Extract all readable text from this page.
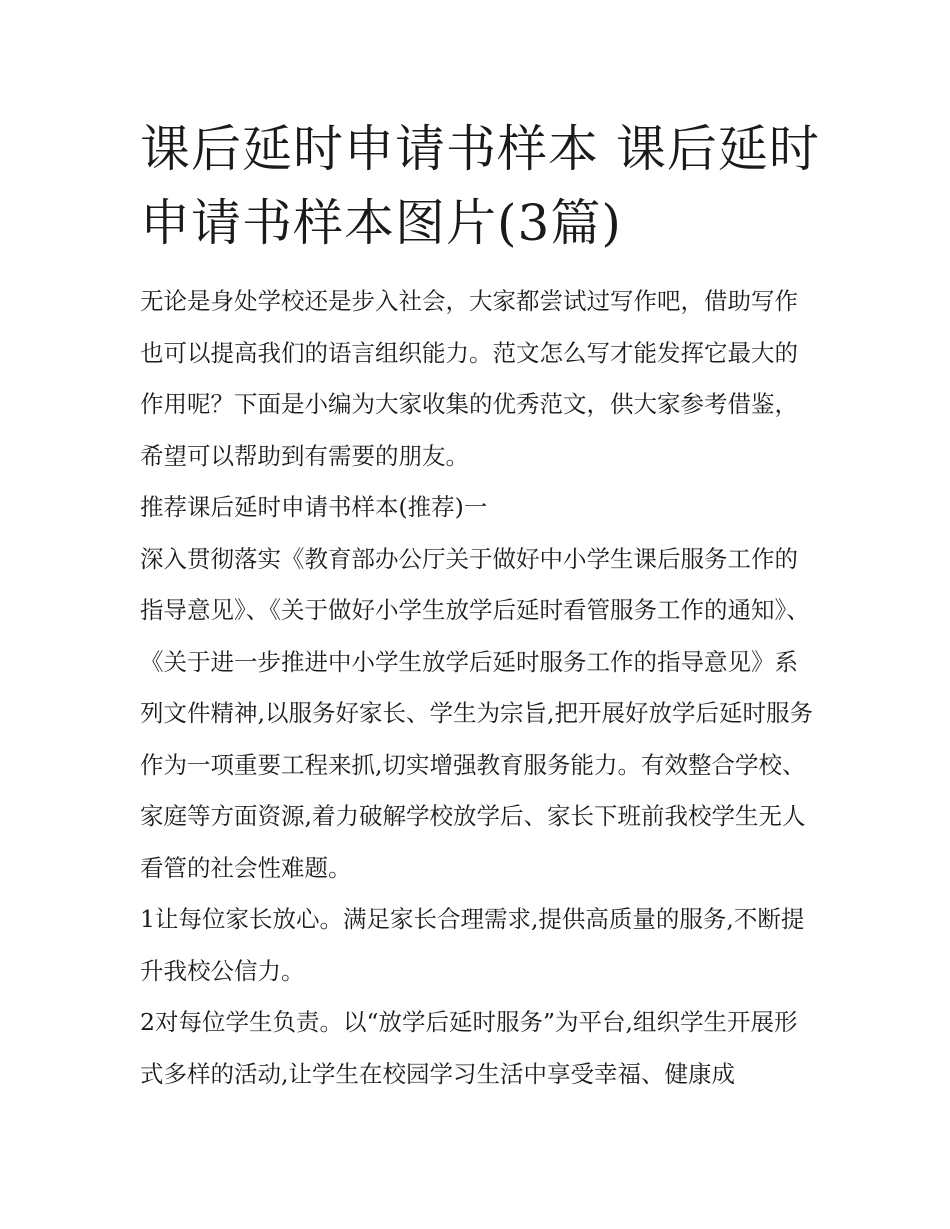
课后延时申请书样本 课后延时申请书样本图片(3篇)

无论是身处学校还是步入社会，大家都尝试过写作吧，借助写作也可以提高我们的语言组织能力。范文怎么写才能发挥它最大的作用呢？下面是小编为大家收集的优秀范文，供大家参考借鉴，希望可以帮助到有需要的朋友。

推荐课后延时申请书样本(推荐)一

深入贯彻落实《教育部办公厅关于做好中小学生课后服务工作的指导意见》、《关于做好小学生放学后延时看管服务工作的通知》、《关于进一步推进中小学生放学后延时服务工作的指导意见》系列文件精神,以服务好家长、学生为宗旨,把开展好放学后延时服务作为一项重要工程来抓,切实增强教育服务能力。有效整合学校、家庭等方面资源,着力破解学校放学后、家长下班前我校学生无人看管的社会性难题。

1让每位家长放心。满足家长合理需求,提供高质量的服务,不断提升我校公信力。

2对每位学生负责。以“放学后延时服务”为平台,组织学生开展形式多样的活动,让学生在校园学习生活中享受幸福、健康成
